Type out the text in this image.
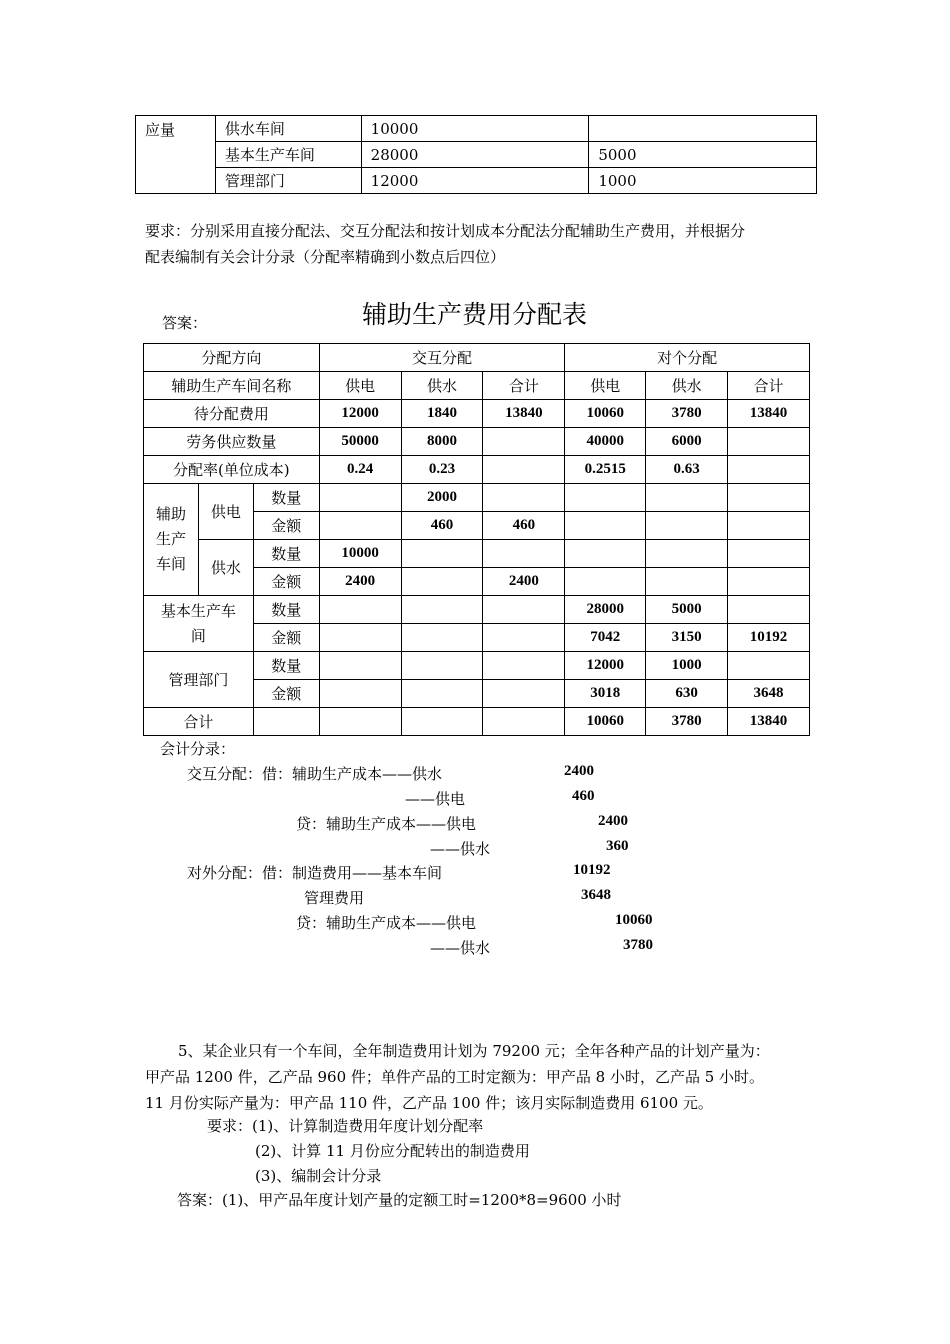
应量	供水车间	10000	
	基本生产车间	28000	5000
	管理部门	12000	1000
要求：分别采用直接分配法、交互分配法和按计划成本分配法分配辅助生产费用，并根据分
配表编制有关会计分录（分配率精确到小数点后四位）
答案：	辅助生产费用分配表
分配方向			交互分配			对个分配		
辅助生产车间名称			供电	供水	合计	供电	供水	合计
待分配费用			12000	1840	13840	10060	3780	13840
劳务供应数量			50000	8000		40000	6000	
分配率(单位成本)			0.24	0.23		0.2515	0.63	

辅助
生产
车间	供电	数量		2000				
		金额		460	460			
	供水	数量	10000					
		金额	2400		2400			

基本生产车
间		数量				28000	5000	
		金额				7042	3150	10192
管理部门		数量				12000	1000	
		金额				3018	630	3648
合计						10060	3780	13840
会计分录：
交互分配：借：辅助生产成本——供水	2400
——供电	460
贷：辅助生产成本——供电	2400
——供水	360
对外分配：借：制造费用——基本车间	10192
管理费用	3648
贷：辅助生产成本——供电	10060
——供水	3780
5、某企业只有一个车间，全年制造费用计划为 79200 元；全年各种产品的计划产量为：
甲产品 1200 件，乙产品 960 件；单件产品的工时定额为：甲产品 8 小时，乙产品 5 小时。
11 月份实际产量为：甲产品 110 件，乙产品 100 件；该月实际制造费用 6100 元。
要求：(1)、计算制造费用年度计划分配率
(2)、计算 11 月份应分配转出的制造费用
(3)、编制会计分录
答案：(1)、甲产品年度计划产量的定额工时=1200*8=9600 小时
